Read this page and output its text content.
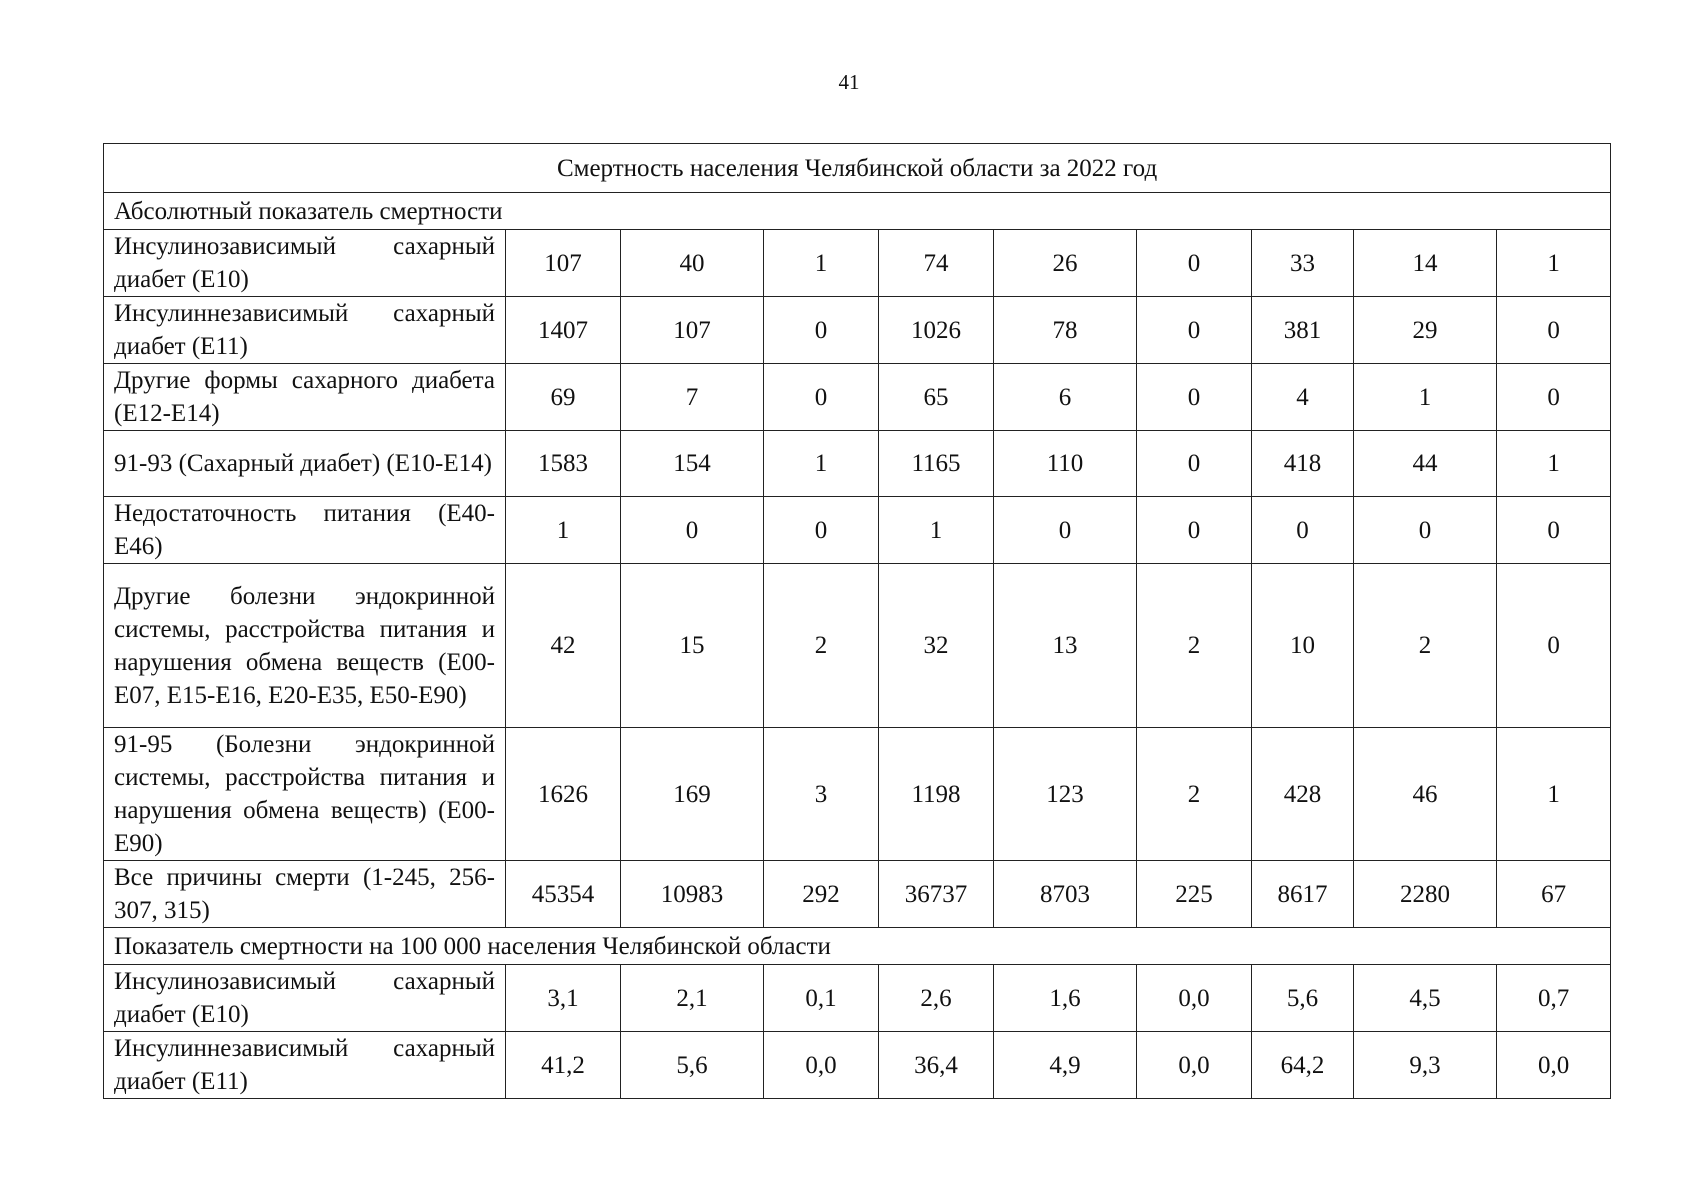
41
Смертность населения Челябинской области за 2022 год									
Абсолютный показатель смертности									
Инсулинозависимый сахарный диабет (E10)	107	40	1	74	26	0	33	14	1
Инсулиннезависимый сахарный диабет (E11)	1407	107	0	1026	78	0	381	29	0
Другие формы сахарного диабета (E12-E14)	69	7	0	65	6	0	4	1	0
91-93 (Сахарный диабет) (E10-E14)	1583	154	1	1165	110	0	418	44	1
Недостаточность питания (E40-E46)	1	0	0	1	0	0	0	0	0
Другие болезни эндокринной системы, расстройства питания и нарушения обмена веществ (E00-E07, E15-E16, E20-E35, E50-E90)	42	15	2	32	13	2	10	2	0
91-95 (Болезни эндокринной системы, расстройства питания и нарушения обмена веществ) (E00-E90)	1626	169	3	1198	123	2	428	46	1
Все причины смерти (1-245, 256-307, 315)	45354	10983	292	36737	8703	225	8617	2280	67
Показатель смертности на 100 000 населения Челябинской области									
Инсулинозависимый сахарный диабет (E10)	3,1	2,1	0,1	2,6	1,6	0,0	5,6	4,5	0,7
Инсулиннезависимый сахарный диабет (E11)	41,2	5,6	0,0	36,4	4,9	0,0	64,2	9,3	0,0
